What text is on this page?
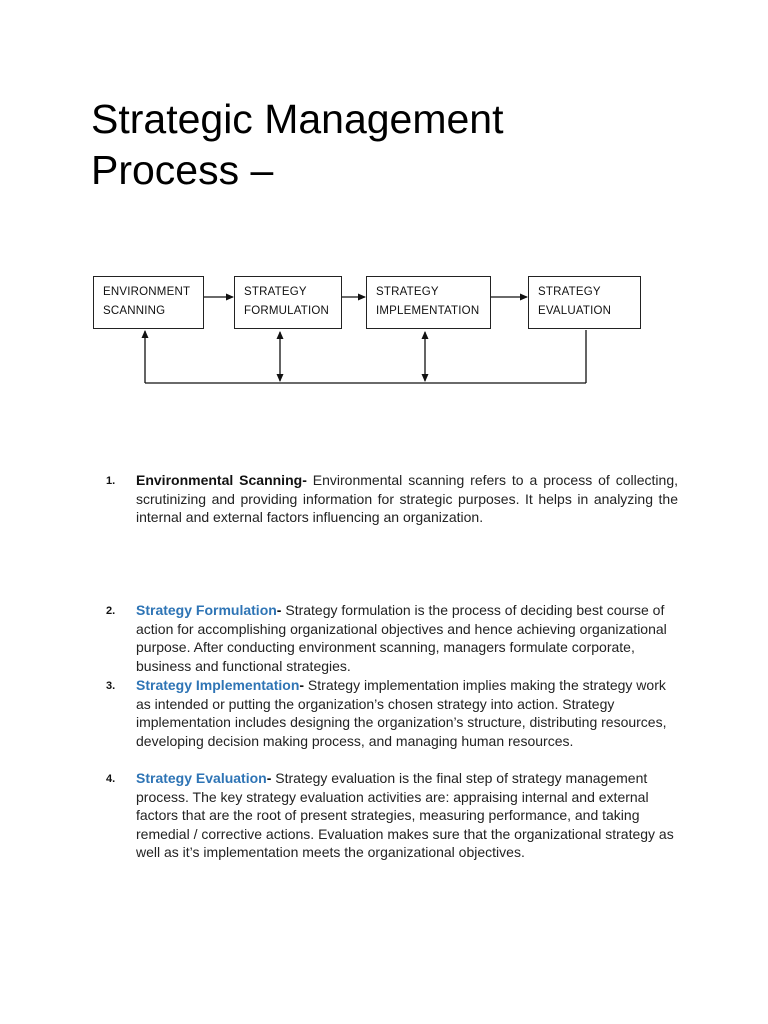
Strategic Management
Process –
ENVIRONMENT
SCANNING
STRATEGY
FORMULATION
STRATEGY
IMPLEMENTATION
STRATEGY
EVALUATION
1.	Environmental Scanning- Environmental scanning refers to a process of collecting, scrutinizing and providing information for strategic purposes. It helps in analyzing the internal and external factors influencing an organization.
2.	Strategy Formulation- Strategy formulation is the process of deciding best course of action for accomplishing organizational objectives and hence achieving organizational purpose. After conducting environment scanning, managers formulate corporate, business and functional strategies.
3.	Strategy Implementation- Strategy implementation implies making the strategy work as intended or putting the organization’s chosen strategy into action. Strategy implementation includes designing the organization’s structure, distributing resources, developing decision making process, and managing human resources.
4.	Strategy Evaluation- Strategy evaluation is the final step of strategy management process. The key strategy evaluation activities are: appraising internal and external factors that are the root of present strategies, measuring performance, and taking remedial / corrective actions. Evaluation makes sure that the organizational strategy as well as it’s implementation meets the organizational objectives.
